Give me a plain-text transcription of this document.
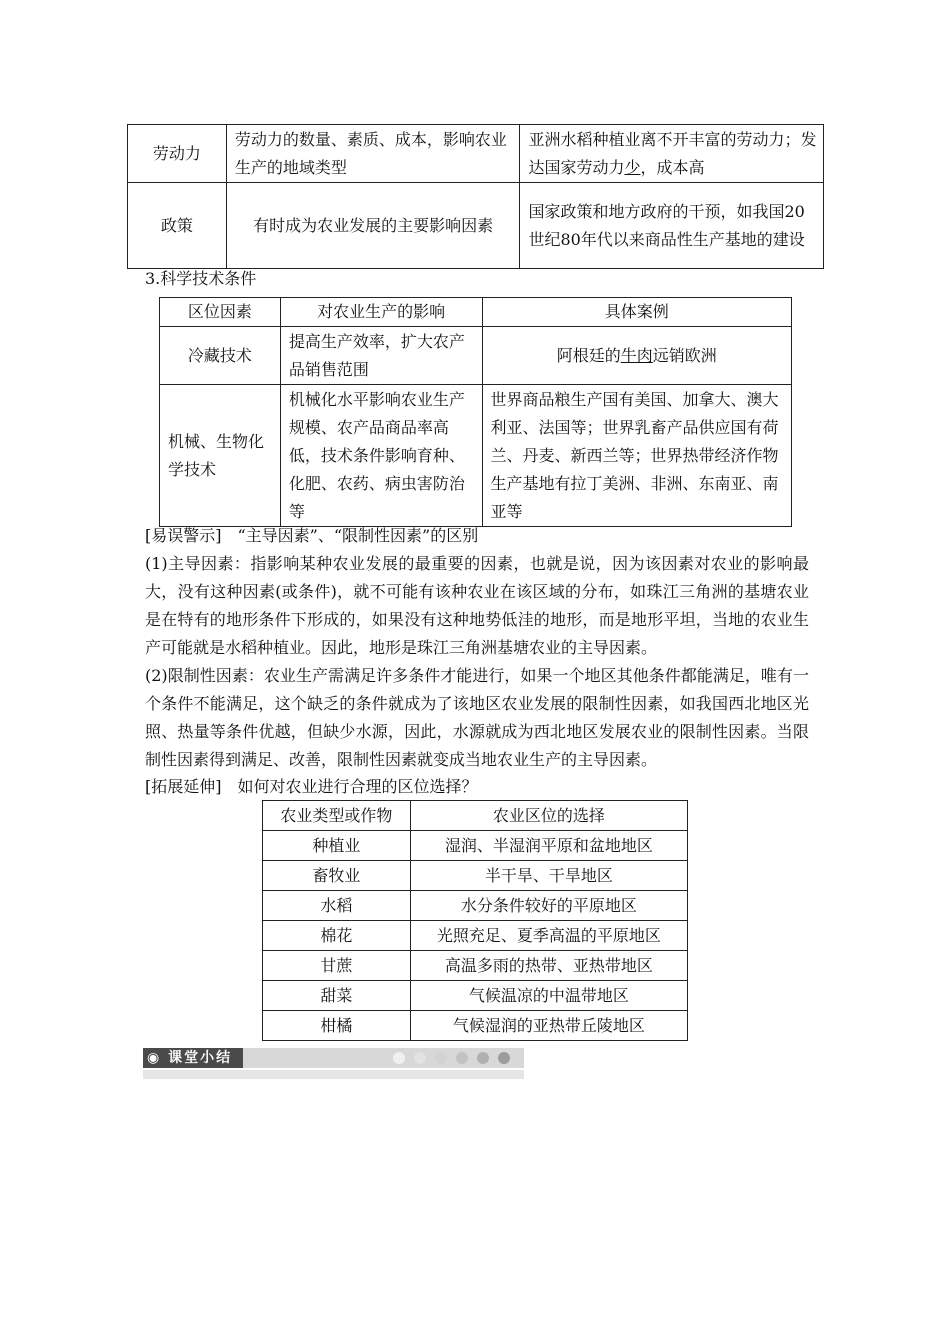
劳动力	劳动力的数量、素质、成本，影响农业生产的地域类型	亚洲水稻种植业离不开丰富的劳动力；发达国家劳动力少，成本高
政策	有时成为农业发展的主要影响因素	国家政策和地方政府的干预，如我国20世纪80年代以来商品性生产基地的建设
3.科学技术条件
区位因素	对农业生产的影响	具体案例
冷藏技术	提高生产效率，扩大农产品销售范围	阿根廷的牛肉远销欧洲
机械、生物化学技术	机械化水平影响农业生产规模、农产品商品率高低，技术条件影响育种、化肥、农药、病虫害防治等	世界商品粮生产国有美国、加拿大、澳大利亚、法国等；世界乳畜产品供应国有荷兰、丹麦、新西兰等；世界热带经济作物生产基地有拉丁美洲、非洲、东南亚、南亚等
[易误警示]　“主导因素”、“限制性因素”的区别
(1)主导因素：指影响某种农业发展的最重要的因素，也就是说，因为该因素对农业的影响最大，没有这种因素(或条件)，就不可能有该种农业在该区域的分布，如珠江三角洲的基塘农业是在特有的地形条件下形成的，如果没有这种地势低洼的地形，而是地形平坦，当地的农业生产可能就是水稻种植业。因此，地形是珠江三角洲基塘农业的主导因素。
(2)限制性因素：农业生产需满足许多条件才能进行，如果一个地区其他条件都能满足，唯有一个条件不能满足，这个缺乏的条件就成为了该地区农业发展的限制性因素，如我国西北地区光照、热量等条件优越，但缺少水源，因此，水源就成为西北地区发展农业的限制性因素。当限制性因素得到满足、改善，限制性因素就变成当地农业生产的主导因素。
[拓展延伸]　如何对农业进行合理的区位选择？
农业类型或作物	农业区位的选择
种植业	湿润、半湿润平原和盆地地区
畜牧业	半干旱、干旱地区
水稻	水分条件较好的平原地区
棉花	光照充足、夏季高温的平原地区
甘蔗	高温多雨的热带、亚热带地区
甜菜	气候温凉的中温带地区
柑橘	气候湿润的亚热带丘陵地区
◉ 课堂小结
